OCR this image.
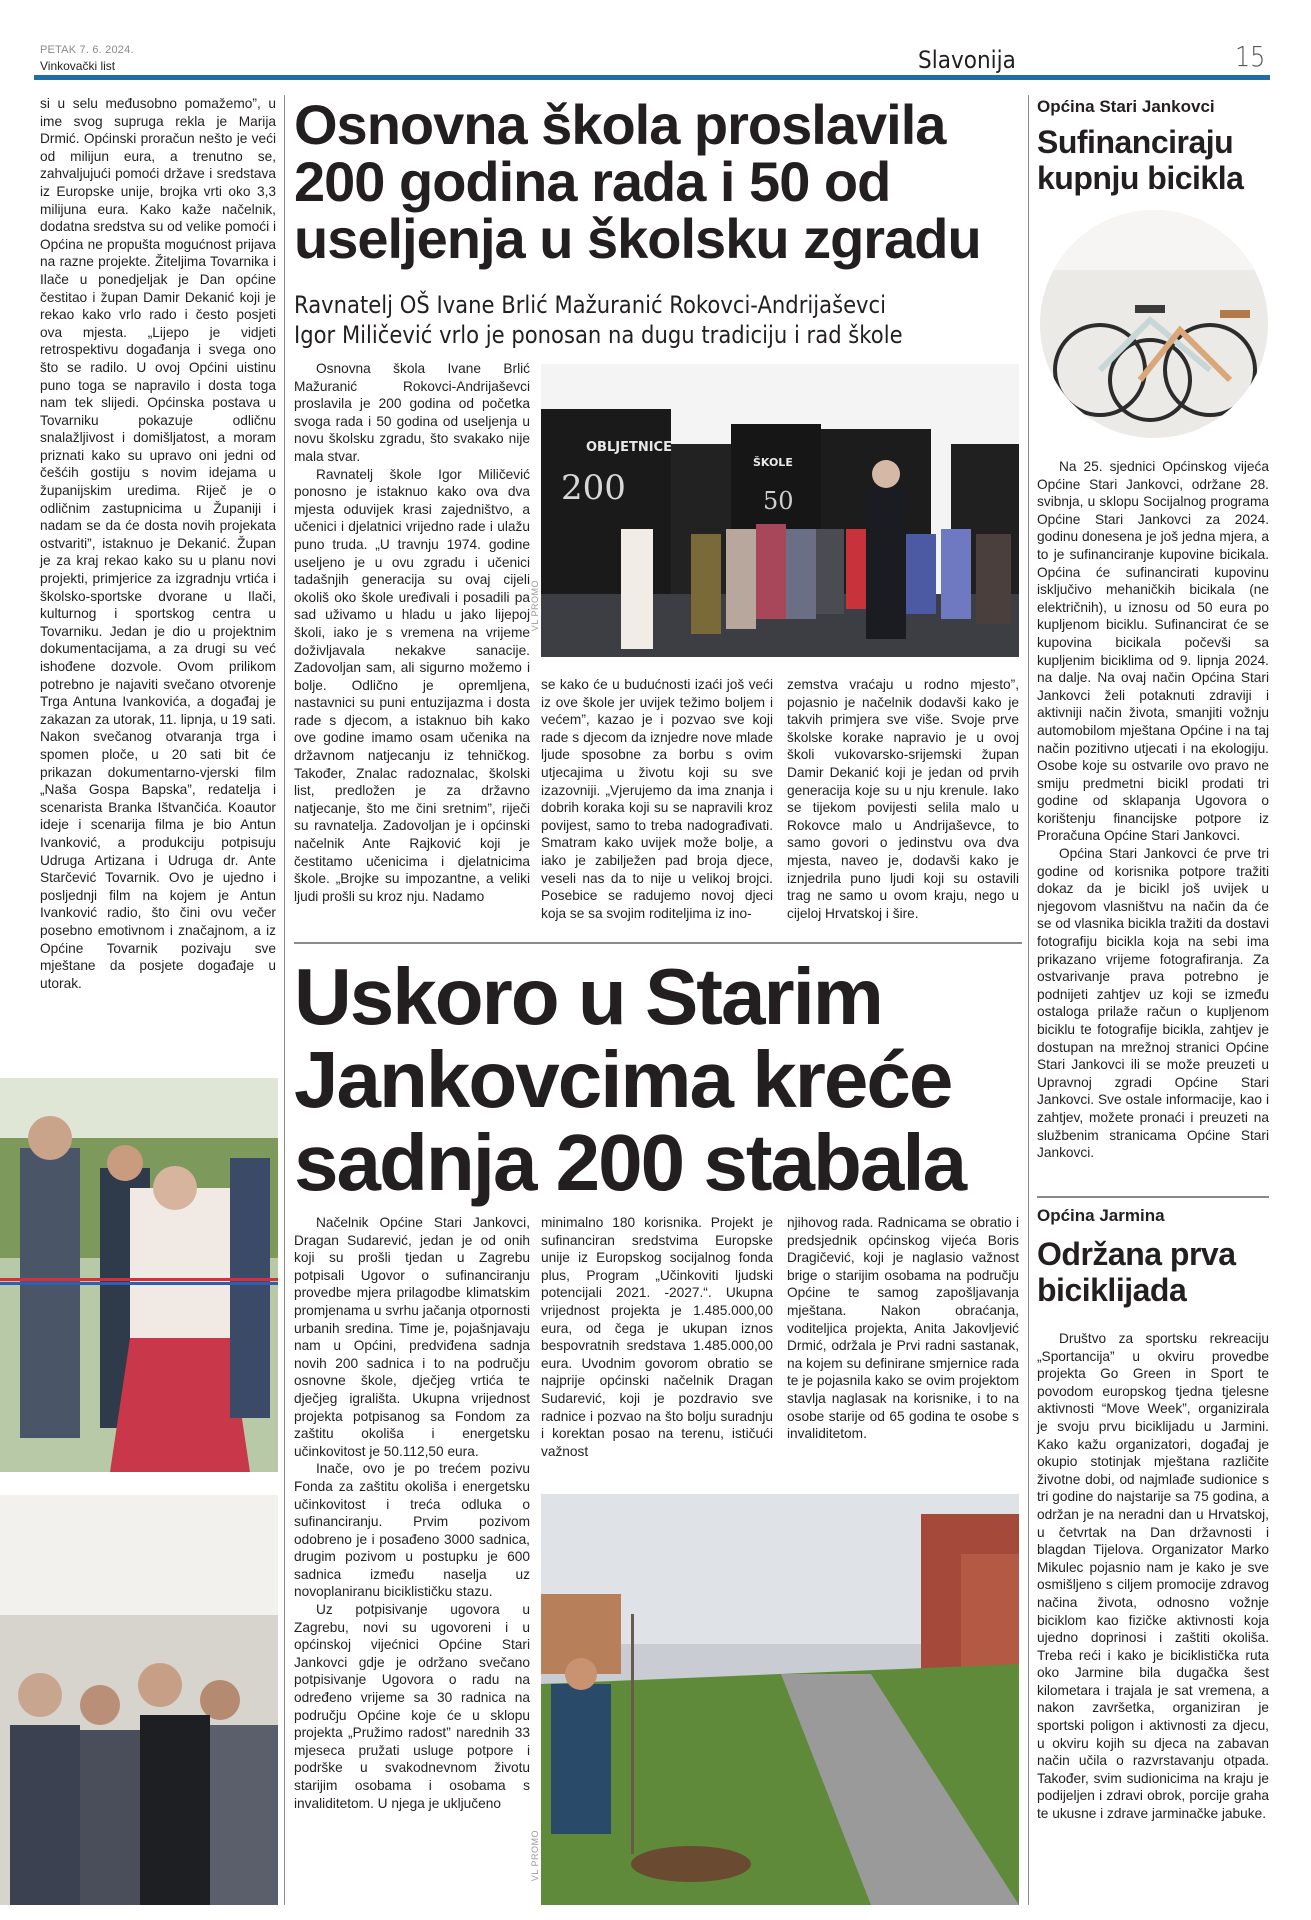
PETAK 7. 6. 2024.
Vinkovački list	Slavonija	15

si u selu međusobno pomažemo”, u ime svog supruga rekla je Marija Drmić. Općinski proračun nešto je veći od milijun eura, a trenutno se, zahvaljujući pomoći države i sredstava iz Europske unije, brojka vrti oko 3,3 milijuna eura. Kako kaže načelnik, dodatna sredstva su od velike pomoći i Općina ne propušta mogućnost prijava na razne projekte. Žiteljima Tovarnika i Ilače u ponedjeljak je Dan općine čestitao i župan Damir Dekanić koji je rekao kako vrlo rado i često posjeti ova mjesta. „Lijepo je vidjeti retrospektivu događanja i svega ono što se radilo. U ovoj Općini uistinu puno toga se napravilo i dosta toga nam tek slijedi. Općinska postava u Tovarniku pokazuje odličnu snalažljivost i domišljatost, a moram priznati kako su upravo oni jedni od češćih gostiju s novim idejama u županijskim uredima. Riječ je o odličnim zastupnicima u Županiji i nadam se da će dosta novih projekata ostvariti”, istaknuo je Dekanić. Župan je za kraj rekao kako su u planu novi projekti, primjerice za izgradnju vrtića i školsko-sportske dvorane u Ilači, kulturnog i sportskog centra u Tovarniku. Jedan je dio u projektnim dokumentacijama, a za drugi su već ishođene dozvole. Ovom prilikom potrebno je najaviti svečano otvorenje Trga Antuna Ivankovića, a događaj je zakazan za utorak, 11. lipnja, u 19 sati. Nakon svečanog otvaranja trga i spomen ploče, u 20 sati bit će prikazan dokumentarno-vjerski film „Naša Gospa Bapska”, redatelja i scenarista Branka Ištvančića. Koautor ideje i scenarija filma je bio Antun Ivanković, a produkciju potpisuju Udruga Artizana i Udruga dr. Ante Starčević Tovarnik. Ovo je ujedno i posljednji film na kojem je Antun Ivanković radio, što čini ovu večer posebno emotivnom i značajnom, a iz Općine Tovarnik pozivaju sve mještane da posjete događaje u utorak.

Osnovna škola proslavila 200 godina rada i 50 od useljenja u školsku zgradu
Ravnatelj OŠ Ivane Brlić Mažuranić Rokovci-Andrijaševci
Igor Miličević vrlo je ponosan na dugu tradiciju i rad škole

Osnovna škola Ivane Brlić Mažuranić Rokovci-Andrijaševci proslavila je 200 godina od početka svoga rada i 50 godina od useljenja u novu školsku zgradu, što svakako nije mala stvar.

Ravnatelj škole Igor Miličević ponosno je istaknuo kako ova dva mjesta oduvijek krasi zajedništvo, a učenici i djelatnici vrijedno rade i ulažu puno truda. „U travnju 1974. godine useljeno je u ovu zgradu i učenici tadašnjih generacija su ovaj cijeli okoliš oko škole uređivali i posadili pa sad uživamo u hladu u jako lijepoj školi, iako je s vremena na vrijeme doživljavala nekakve sanacije. Zadovoljan sam, ali sigurno možemo i bolje. Odlično je opremljena, nastavnici su puni entuzijazma i dosta rade s djecom, a istaknuo bih kako ove godine imamo osam učenika na državnom natjecanju iz tehničkog. Također, Znalac radoznalac, školski list, predložen je za državno natjecanje, što me čini sretnim”, riječi su ravnatelja. Zadovoljan je i općinski načelnik Ante Rajković koji je čestitamo učenicima i djelatnicima škole. „Brojke su impozantne, a veliki ljudi prošli su kroz nju. Nadamo

OBLJETNICE
200
ŠKOLE
50
VL PROMO

se kako će u budućnosti izaći još veći iz ove škole jer uvijek težimo boljem i većem”, kazao je i pozvao sve koji rade s djecom da iznjedre nove mlade ljude sposobne za borbu s ovim utjecajima u životu koji su sve izazovniji. „Vjerujemo da ima znanja i dobrih koraka koji su se napravili kroz povijest, samo to treba nadograđivati. Smatram kako uvijek može bolje, a iako je zabilježen pad broja djece, veseli nas da to nije u velikoj brojci. Posebice se radujemo novoj djeci koja se sa svojim roditeljima iz ino-

zemstva vraćaju u rodno mjesto”, pojasnio je načelnik dodavši kako je takvih primjera sve više. Svoje prve školske korake napravio je u ovoj školi vukovarsko-srijemski župan Damir Dekanić koji je jedan od prvih generacija koje su u nju krenule. Iako se tijekom povijesti selila malo u Rokovce malo u Andrijaševce, to samo govori o jedinstvu ova dva mjesta, naveo je, dodavši kako je iznjedrila puno ljudi koji su ostavili trag ne samo u ovom kraju, nego u cijeloj Hrvatskoj i šire.

Uskoro u Starim
Jankovcima kreće
sadnja 200 stabala

Načelnik Općine Stari Jankovci, Dragan Sudarević, jedan je od onih koji su prošli tjedan u Zagrebu potpisali Ugovor o sufinanciranju provedbe mjera prilagodbe klimatskim promjenama u svrhu jačanja otpornosti urbanih sredina. Time je, pojašnjavaju nam u Općini, predviđena sadnja novih 200 sadnica i to na području osnovne škole, dječjeg vrtića te dječjeg igrališta. Ukupna vrijednost projekta potpisanog sa Fondom za zaštitu okoliša i energetsku učinkovitost je 50.112,50 eura.

Inače, ovo je po trećem pozivu Fonda za zaštitu okoliša i energetsku učinkovitost i treća odluka o sufinanciranju. Prvim pozivom odobreno je i posađeno 3000 sadnica, drugim pozivom u postupku je 600 sadnica između naselja uz novoplaniranu biciklističku stazu.

Uz potpisivanje ugovora u Zagrebu, novi su ugovoreni i u općinskoj vijećnici Općine Stari Jankovci gdje je održano svečano potpisivanje Ugovora o radu na određeno vrijeme sa 30 radnica na području Općine koje će u sklopu projekta „Pružimo radost” narednih 33 mjeseca pružati usluge potpore i podrške u svakodnevnom životu starijim osobama i osobama s invaliditetom. U njega je uključeno

minimalno 180 korisnika. Projekt je sufinanciran sredstvima Europske unije iz Europskog socijalnog fonda plus, Program „Učinkoviti ljudski potencijali 2021. -2027.“. Ukupna vrijednost projekta je 1.485.000,00 eura, od čega je ukupan iznos bespovratnih sredstava 1.485.000,00 eura. Uvodnim govorom obratio se najprije općinski načelnik Dragan Sudarević, koji je pozdravio sve radnice i pozvao na što bolju suradnju i korektan posao na terenu, ističući važnost

njihovog rada. Radnicama se obratio i predsjednik općinskog vijeća Boris Dragičević, koji je naglasio važnost brige o starijim osobama na području Općine te samog zapošljavanja mještana. Nakon obraćanja, voditeljica projekta, Anita Jakovljević Drmić, održala je Prvi radni sastanak, na kojem su definirane smjernice rada te je pojasnila kako se ovim projektom stavlja naglasak na korisnike, i to na osobe starije od 65 godina te osobe s invaliditetom.

VL PROMO
Općina Stari Jankovci
Sufinanciraju kupnju bicikla

Na 25. sjednici Općinskog vijeća Općine Stari Jankovci, održane 28. svibnja, u sklopu Socijalnog programa Općine Stari Jankovci za 2024. godinu donesena je još jedna mjera, a to je sufinanciranje kupovine bicikala. Općina će sufinancirati kupovinu isključivo mehaničkih bicikala (ne električnih), u iznosu od 50 eura po kupljenom biciklu. Sufinancirat će se kupovina bicikala počevši sa kupljenim biciklima od 9. lipnja 2024. na dalje. Na ovaj način Općina Stari Jankovci želi potaknuti zdraviji i aktivniji način života, smanjiti vožnju automobilom mještana Općine i na taj način pozitivno utjecati i na ekologiju. Osobe koje su ostvarile ovo pravo ne smiju predmetni bicikl prodati tri godine od sklapanja Ugovora o korištenju financijske potpore iz Proračuna Općine Stari Jankovci.

Općina Stari Jankovci će prve tri godine od korisnika potpore tražiti dokaz da je bicikl još uvijek u njegovom vlasništvu na način da će se od vlasnika bicikla tražiti da dostavi fotografiju bicikla koja na sebi ima prikazano vrijeme fotografiranja. Za ostvarivanje prava potrebno je podnijeti zahtjev uz koji se između ostaloga prilaže račun o kupljenom biciklu te fotografije bicikla, zahtjev je dostupan na mrežnoj stranici Općine Stari Jankovci ili se može preuzeti u Upravnoj zgradi Općine Stari Jankovci. Sve ostale informacije, kao i zahtjev, možete pronaći i preuzeti na službenim stranicama Općine Stari Jankovci.

Općina Jarmina
Održana prva biciklijada

Društvo za sportsku rekreaciju „Sportancija” u okviru provedbe projekta Go Green in Sport te povodom europskog tjedna tjelesne aktivnosti “Move Week”, organizirala je svoju prvu biciklijadu u Jarmini. Kako kažu organizatori, događaj je okupio stotinjak mještana različite životne dobi, od najmlađe sudionice s tri godine do najstarije sa 75 godina, a održan je na neradni dan u Hrvatskoj, u četvrtak na Dan državnosti i blagdan Tijelova. Organizator Marko Mikulec pojasnio nam je kako je sve osmišljeno s ciljem promocije zdravog načina života, odnosno vožnje biciklom kao fizičke aktivnosti koja ujedno doprinosi i zaštiti okoliša. Treba reći i kako je biciklistička ruta oko Jarmine bila dugačka šest kilometara i trajala je sat vremena, a nakon završetka, organiziran je sportski poligon i aktivnosti za djecu, u okviru kojih su djeca na zabavan način učila o razvrstavanju otpada. Također, svim sudionicima na kraju je podijeljen i zdravi obrok, porcije graha te ukusne i zdrave jarminačke jabuke.
